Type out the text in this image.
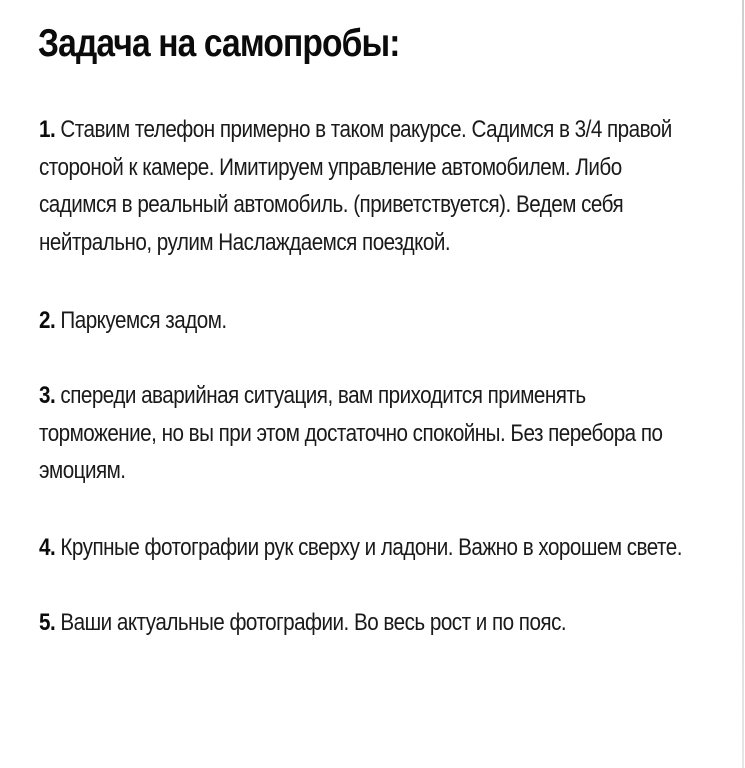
Задача на самопробы:

1. Ставим телефон примерно в таком ракурсе. Садимся в 3/4 правой стороной к камере. Имитируем управление автомобилем. Либо садимся в реальный автомобиль. (приветствуется). Ведем себя нейтрально, рулим Наслаждаемся поездкой.

2. Паркуемся задом.

3. спереди аварийная ситуация, вам приходится применять торможение, но вы при этом достаточно спокойны. Без перебора по эмоциям.

4. Крупные фотографии рук сверху и ладони. Важно в хорошем свете.

5. Ваши актуальные фотографии. Во весь рост и по пояс.
